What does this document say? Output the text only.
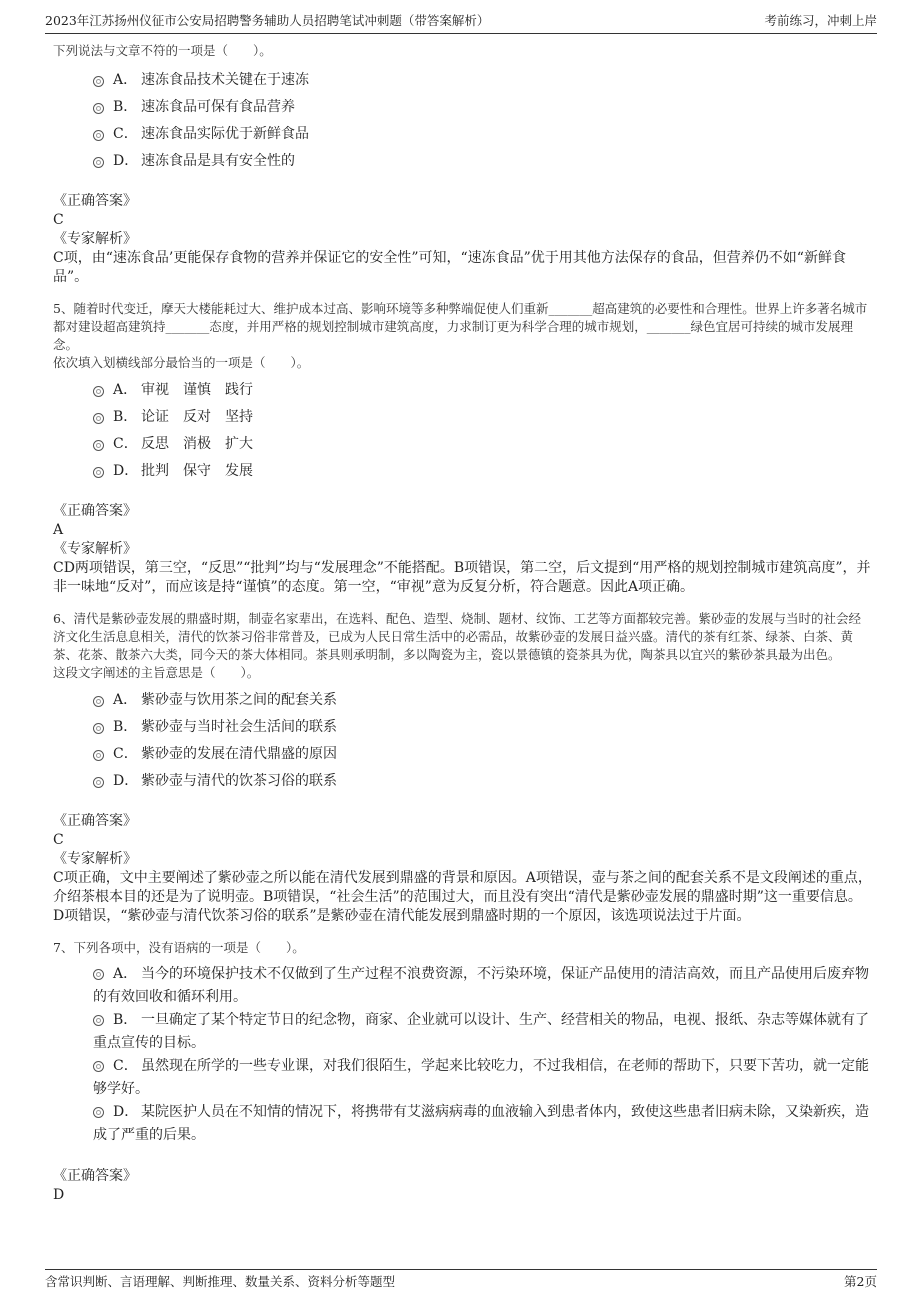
2023年江苏扬州仪征市公安局招聘警务辅助人员招聘笔试冲刺题（带答案解析）	考前练习，冲刺上岸
下列说法与文章不符的一项是（　　）。
A． 速冻食品技术关键在于速冻
B． 速冻食品可保有食品营养
C． 速冻食品实际优于新鲜食品
D． 速冻食品是具有安全性的
《正确答案》
C
《专家解析》
C项，由“速冻食品’更能保存食物的营养并保证它的安全性”可知，“速冻食品”优于用其他方法保存的食品，但营养仍不如“新鲜食品”。
5、随着时代变迁，摩天大楼能耗过大、维护成本过高、影响环境等多种弊端促使人们重新_______超高建筑的必要性和合理性。世界上许多著名城市都对建设超高建筑持_______态度，并用严格的规划控制城市建筑高度，力求制订更为科学合理的城市规划，_______绿色宜居可持续的城市发展理念。
依次填入划横线部分最恰当的一项是（　　）。
A． 审视　谨慎　践行
B． 论证　反对　坚持
C． 反思　消极　扩大
D． 批判　保守　发展
《正确答案》
A
《专家解析》
CD两项错误，第三空，“反思”“批判”均与“发展理念”不能搭配。B项错误，第二空，后文提到“用严格的规划控制城市建筑高度”，并非一味地“反对”，而应该是持“谨慎”的态度。第一空，“审视”意为反复分析，符合题意。因此A项正确。
6、清代是紫砂壶发展的鼎盛时期，制壶名家辈出，在选料、配色、造型、烧制、题材、纹饰、工艺等方面都较完善。紫砂壶的发展与当时的社会经济文化生活息息相关，清代的饮茶习俗非常普及，已成为人民日常生活中的必需品，故紫砂壶的发展日益兴盛。清代的茶有红茶、绿茶、白茶、黄茶、花茶、散茶六大类，同今天的茶大体相同。茶具则承明制，多以陶瓷为主，瓷以景德镇的瓷茶具为优，陶茶具以宜兴的紫砂茶具最为出色。
这段文字阐述的主旨意思是（　　）。
A． 紫砂壶与饮用茶之间的配套关系
B． 紫砂壶与当时社会生活间的联系
C． 紫砂壶的发展在清代鼎盛的原因
D． 紫砂壶与清代的饮茶习俗的联系
《正确答案》
C
《专家解析》
C项正确，文中主要阐述了紫砂壶之所以能在清代发展到鼎盛的背景和原因。A项错误，壶与茶之间的配套关系不是文段阐述的重点，介绍茶根本目的还是为了说明壶。B项错误，“社会生活”的范围过大，而且没有突出“清代是紫砂壶发展的鼎盛时期”这一重要信息。D项错误，“紫砂壶与清代饮茶习俗的联系”是紫砂壶在清代能发展到鼎盛时期的一个原因，该选项说法过于片面。
7、下列各项中，没有语病的一项是（　　）。
A． 当今的环境保护技术不仅做到了生产过程不浪费资源，不污染环境，保证产品使用的清洁高效，而且产品使用后废弃物的有效回收和循环利用。
B． 一旦确定了某个特定节日的纪念物，商家、企业就可以设计、生产、经营相关的物品，电视、报纸、杂志等媒体就有了重点宣传的目标。
C． 虽然现在所学的一些专业课，对我们很陌生，学起来比较吃力，不过我相信，在老师的帮助下，只要下苦功，就一定能够学好。
D． 某院医护人员在不知情的情况下，将携带有艾滋病病毒的血液输入到患者体内，致使这些患者旧病未除，又染新疾，造成了严重的后果。
《正确答案》
D
含常识判断、言语理解、判断推理、数量关系、资料分析等题型	第2页
